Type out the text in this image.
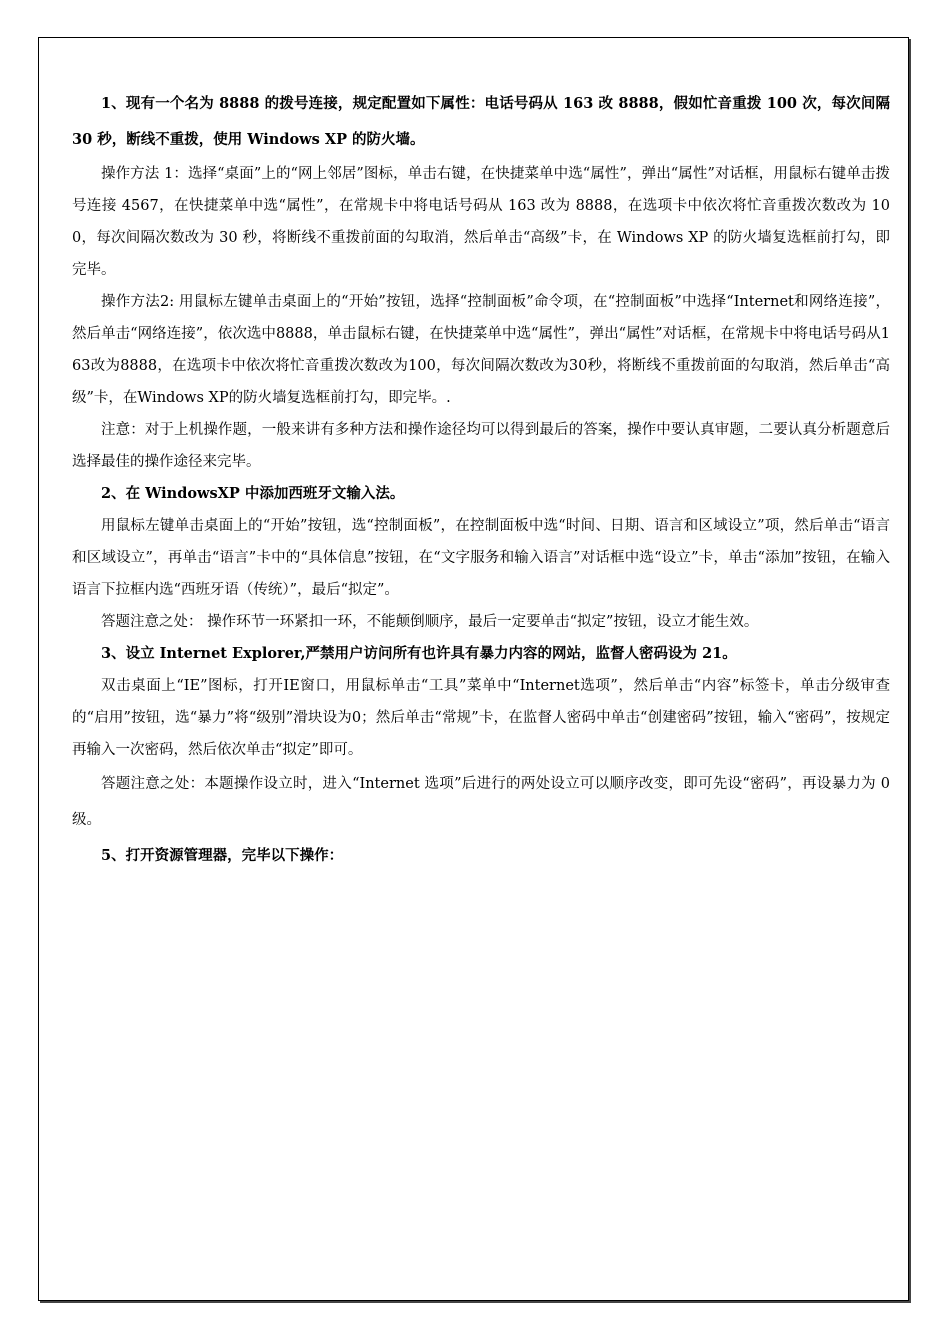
1、现有一个名为 8888 的拨号连接，规定配置如下属性：电话号码从 163 改 8888，假如忙音重拨 100 次，每次间隔 30 秒，断线不重拨，使用 Windows XP 的防火墙。

操作方法 1：选择“桌面”上的“网上邻居”图标，单击右键，在快捷菜单中选“属性”，弹出“属性”对话框，用鼠标右键单击拨号连接 4567，在快捷菜单中选“属性”，在常规卡中将电话号码从 163 改为 8888，在选项卡中依次将忙音重拨次数改为 100，每次间隔次数改为 30 秒，将断线不重拨前面的勾取消，然后单击“高级”卡，在 Windows XP 的防火墙复选框前打勾，即完毕。

操作方法2: 用鼠标左键单击桌面上的“开始”按钮，选择“控制面板”命令项，在“控制面板”中选择“Internet和网络连接”，然后单击“网络连接”，依次选中8888，单击鼠标右键，在快捷菜单中选“属性”，弹出“属性”对话框，在常规卡中将电话号码从163改为8888，在选项卡中依次将忙音重拨次数改为100，每次间隔次数改为30秒，将断线不重拨前面的勾取消，然后单击“高级”卡，在Windows XP的防火墙复选框前打勾，即完毕。.

注意：对于上机操作题，一般来讲有多种方法和操作途径均可以得到最后的答案，操作中要认真审题，二要认真分析题意后选择最佳的操作途径来完毕。

2、在 WindowsXP 中添加西班牙文输入法。

用鼠标左键单击桌面上的“开始”按钮，选“控制面板”，在控制面板中选“时间、日期、语言和区域设立”项，然后单击“语言和区域设立”，再单击“语言”卡中的“具体信息”按钮，在“文字服务和输入语言”对话框中选“设立”卡，单击“添加”按钮，在输入语言下拉框内选“西班牙语（传统）”，最后“拟定”。

答题注意之处： 操作环节一环紧扣一环，不能颠倒顺序，最后一定要单击“拟定”按钮，设立才能生效。

3、设立 Internet Explorer,严禁用户访问所有也许具有暴力内容的网站，监督人密码设为 21。

双击桌面上“IE”图标，打开IE窗口，用鼠标单击“工具”菜单中“Internet选项”，然后单击“内容”标签卡，单击分级审查的“启用”按钮，选“暴力”将“级别”滑块设为0；然后单击“常规”卡，在监督人密码中单击“创建密码”按钮，输入“密码”，按规定再输入一次密码，然后依次单击“拟定”即可。

答题注意之处：本题操作设立时，进入“Internet 选项”后进行的两处设立可以顺序改变，即可先设“密码”，再设暴力为 0 级。

5、打开资源管理器，完毕以下操作：
